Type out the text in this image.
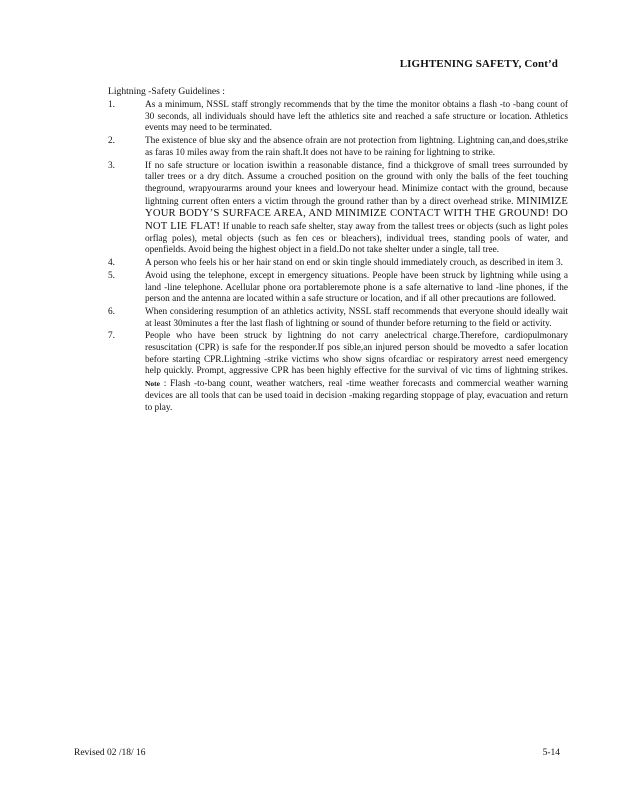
LIGHTENING SAFETY, Cont’d
Lightning -Safety Guidelines :
1.	As a minimum, NSSL staff strongly recommends that by the time the monitor obtains a flash -to -bang count of 30 seconds, all individuals should have left the athletics site and reached a safe structure or location. Athletics events may need to be terminated.
2.	The existence of blue sky and the absence ofrain are not protection from lightning. Lightning can,and does,strike as faras 10 miles away from the rain shaft.It does not have to be raining for lightning to strike.
3.	If no safe structure or location iswithin a reasonable distance, find a thickgrove of small trees surrounded by taller trees or a dry ditch. Assume a crouched position on the ground with only the balls of the feet touching theground, wrapyourarms around your knees and loweryour head. Minimize contact with the ground, because lightning current often enters a victim through the ground rather than by a direct overhead strike. MINIMIZE YOUR BODY’S SURFACE AREA, AND MINIMIZE CONTACT WITH THE GROUND! DO NOT LIE FLAT! If unable to reach safe shelter, stay away from the tallest trees or objects (such as light poles orflag poles), metal objects (such as fen ces or bleachers), individual trees, standing pools of water, and openfields. Avoid being the highest object in a field.Do not take shelter under a single, tall tree.
4.	A person who feels his or her hair stand on end or skin tingle should immediately crouch, as described in item 3.
5.	Avoid using the telephone, except in emergency situations. People have been struck by lightning while using a land -line telephone. Acellular phone ora portableremote phone is a safe alternative to land -line phones, if the person and the antenna are located within a safe structure or location, and if all other precautions are followed.
6.	When considering resumption of an athletics activity, NSSL staff recommends that everyone should ideally wait at least 30minutes a fter the last flash of lightning or sound of thunder before returning to the field or activity.
7.	People who have been struck by lightning do not carry anelectrical charge.Therefore, cardiopulmonary resuscitation (CPR) is safe for the responder.If pos sible,an injured person should be movedto a safer location before starting CPR.Lightning -strike victims who show signs ofcardiac or respiratory arrest need emergency help quickly. Prompt, aggressive CPR has been highly effective for the survival of vic tims of lightning strikes. Note : Flash -to-bang count, weather watchers, real -time weather forecasts and commercial weather warning devices are all tools that can be used toaid in decision -making regarding stoppage of play, evacuation and return to play.
Revised 02 /18/ 16	5-14
